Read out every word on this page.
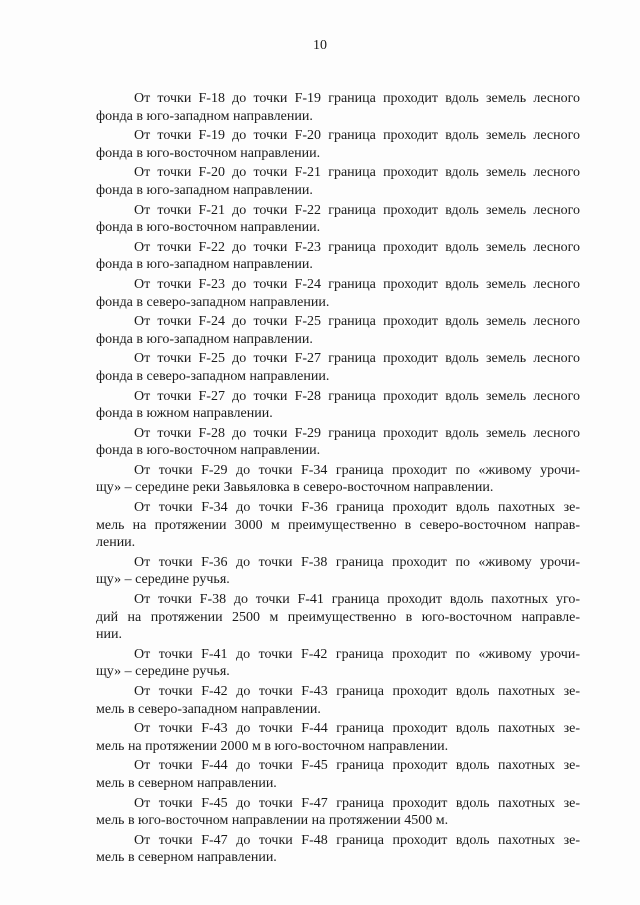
10

От точки F-18 до точки F-19 граница проходит вдоль земель лесного
фонда в юго-западном направлении.

От точки F-19 до точки F-20 граница проходит вдоль земель лесного
фонда в юго-восточном направлении.

От точки F-20 до точки F-21 граница проходит вдоль земель лесного
фонда в юго-западном направлении.

От точки F-21 до точки F-22 граница проходит вдоль земель лесного
фонда в юго-восточном направлении.

От точки F-22 до точки F-23 граница проходит вдоль земель лесного
фонда в юго-западном направлении.

От точки F-23 до точки F-24 граница проходит вдоль земель лесного
фонда в северо-западном направлении.

От точки F-24 до точки F-25 граница проходит вдоль земель лесного
фонда в юго-западном направлении.

От точки F-25 до точки F-27 граница проходит вдоль земель лесного
фонда в северо-западном направлении.

От точки F-27 до точки F-28 граница проходит вдоль земель лесного
фонда в южном направлении.

От точки F-28 до точки F-29 граница проходит вдоль земель лесного
фонда в юго-восточном направлении.

От точки F-29 до точки F-34 граница проходит по «живому урочи-
щу» – середине реки Завьяловка в северо-восточном направлении.

От точки F-34 до точки F-36 граница проходит вдоль пахотных зе-
мель на протяжении 3000 м преимущественно в северо-восточном направ-
лении.

От точки F-36 до точки F-38 граница проходит по «живому урочи-
щу» – середине ручья.

От точки F-38 до точки F-41 граница проходит вдоль пахотных уго-
дий на протяжении 2500 м преимущественно в юго-восточном направле-
нии.

От точки F-41 до точки F-42 граница проходит по «живому урочи-
щу» – середине ручья.

От точки F-42 до точки F-43 граница проходит вдоль пахотных зе-
мель в северо-западном направлении.

От точки F-43 до точки F-44 граница проходит вдоль пахотных зе-
мель на протяжении 2000 м в юго-восточном направлении.

От точки F-44 до точки F-45 граница проходит вдоль пахотных зе-
мель в северном направлении.

От точки F-45 до точки F-47 граница проходит вдоль пахотных зе-
мель в юго-восточном направлении на протяжении 4500 м.

От точки F-47 до точки F-48 граница проходит вдоль пахотных зе-
мель в северном направлении.
